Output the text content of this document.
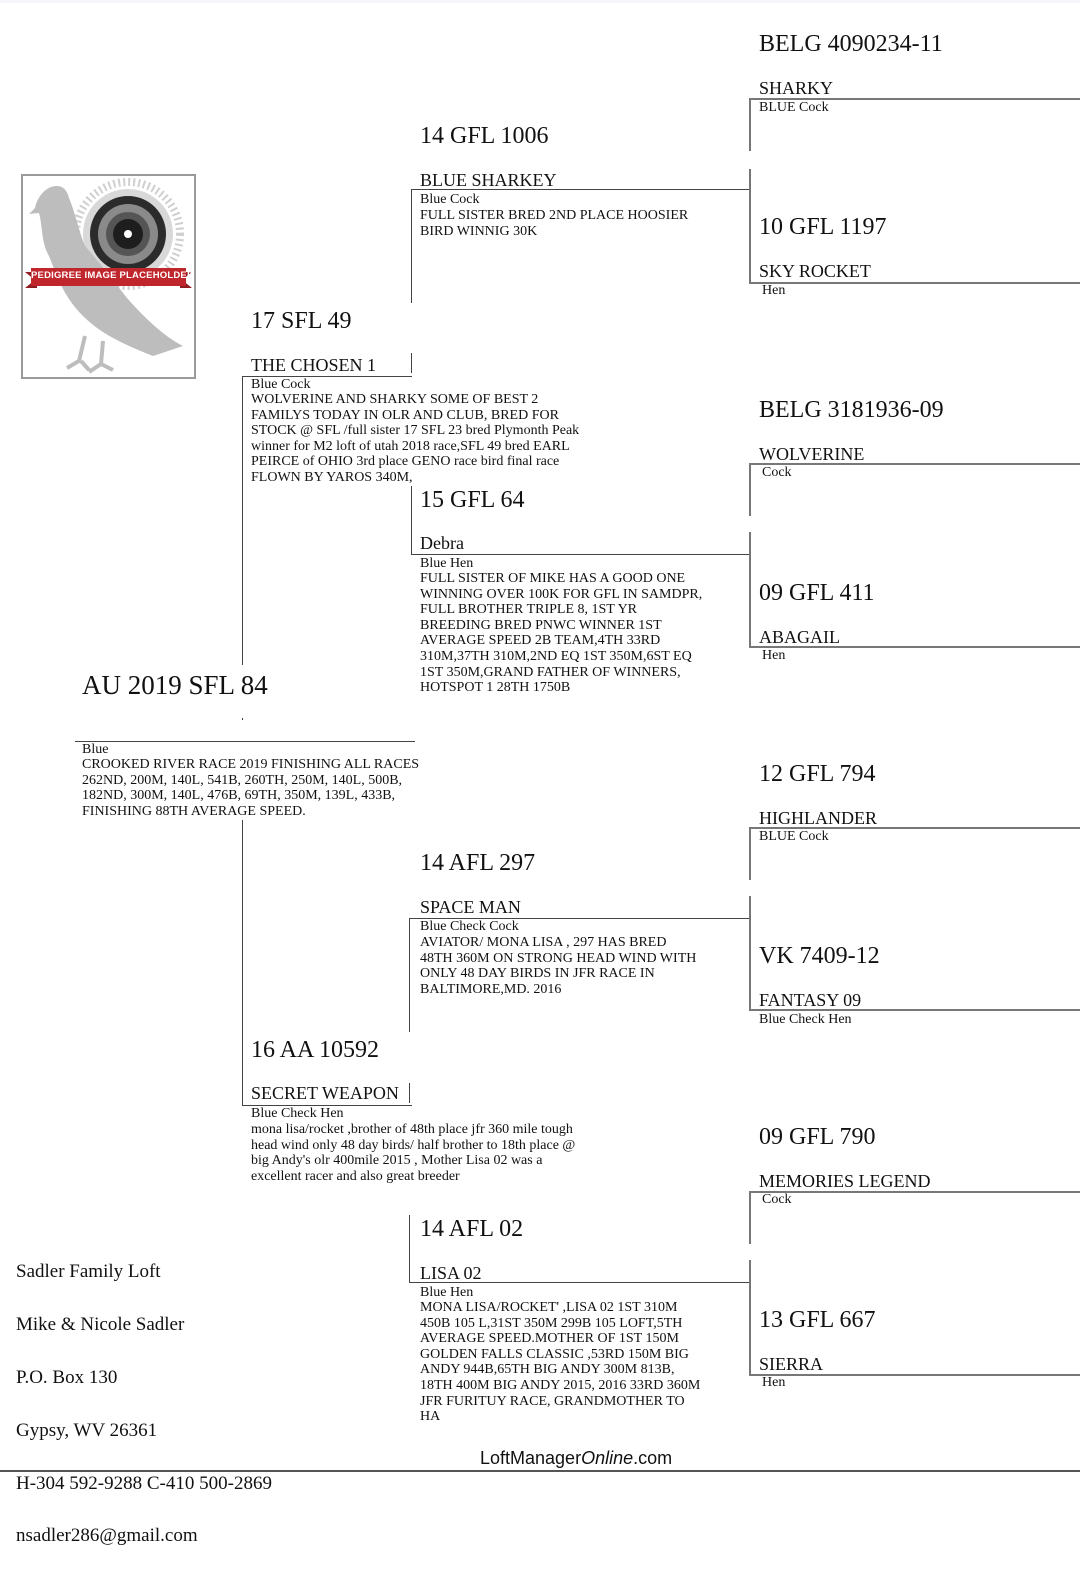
PEDIGREE IMAGE PLACEHOLDER
AU 2019 SFL 84
Blue
CROOKED RIVER RACE 2019 FINISHING ALL RACES
262ND, 200M, 140L, 541B, 260TH, 250M, 140L, 500B,
182ND, 300M, 140L, 476B, 69TH, 350M, 139L, 433B,
FINISHING 88TH AVERAGE SPEED.
17 SFL 49
THE CHOSEN 1
Blue Cock
WOLVERINE AND SHARKY SOME OF BEST 2
FAMILYS TODAY IN OLR AND CLUB, BRED FOR
STOCK @ SFL /full sister 17 SFL 23 bred Plymonth Peak
winner for M2 loft of utah 2018 race,SFL 49 bred EARL
PEIRCE of OHIO 3rd place GENO race bird final race
FLOWN BY YAROS 340M,
16 AA 10592
SECRET WEAPON
Blue Check Hen
mona lisa/rocket ,brother of 48th place jfr 360 mile tough
head wind only 48 day birds/ half brother to 18th place @
big Andy's olr 400mile 2015 , Mother Lisa 02 was a
excellent racer and also great breeder
14 GFL 1006
BLUE SHARKEY
Blue Cock
FULL SISTER BRED 2ND PLACE HOOSIER
BIRD WINNIG 30K
15 GFL 64
Debra
Blue Hen
FULL SISTER OF MIKE HAS A GOOD ONE
WINNING OVER 100K FOR GFL IN SAMDPR,
FULL BROTHER TRIPLE 8, 1ST YR
BREEDING BRED PNWC WINNER 1ST
AVERAGE SPEED 2B TEAM,4TH 33RD
310M,37TH 310M,2ND EQ 1ST 350M,6ST EQ
1ST 350M,GRAND FATHER OF WINNERS,
HOTSPOT 1 28TH 1750B
14 AFL 297
SPACE MAN
Blue Check Cock
AVIATOR/ MONA LISA , 297 HAS BRED
48TH 360M ON STRONG HEAD WIND WITH
ONLY 48 DAY BIRDS IN JFR RACE IN
BALTIMORE,MD. 2016
14 AFL 02
LISA 02
Blue Hen
MONA LISA/ROCKET' ,LISA 02 1ST 310M
450B 105 L,31ST 350M 299B 105 LOFT,5TH
AVERAGE SPEED.MOTHER OF 1ST 150M
GOLDEN FALLS CLASSIC ,53RD 150M BIG
ANDY 944B,65TH BIG ANDY 300M 813B,
18TH 400M BIG ANDY 2015, 2016 33RD 360M
JFR FURITUY RACE, GRANDMOTHER TO
HA
BELG 4090234-11
SHARKY
BLUE Cock
10 GFL 1197
SKY ROCKET
Hen
BELG 3181936-09
WOLVERINE
Cock
09 GFL 411
ABAGAIL
Hen
12 GFL 794
HIGHLANDER
BLUE Cock
VK 7409-12
FANTASY 09
Blue Check Hen
09 GFL 790
MEMORIES LEGEND
Cock
13 GFL 667
SIERRA
Hen

Sadler Family Loft

Mike & Nicole Sadler

P.O. Box 130

Gypsy, WV 26361

H-304 592-9288 C-410 500-2869

nsadler286@gmail.com

LoftManagerOnline.com
